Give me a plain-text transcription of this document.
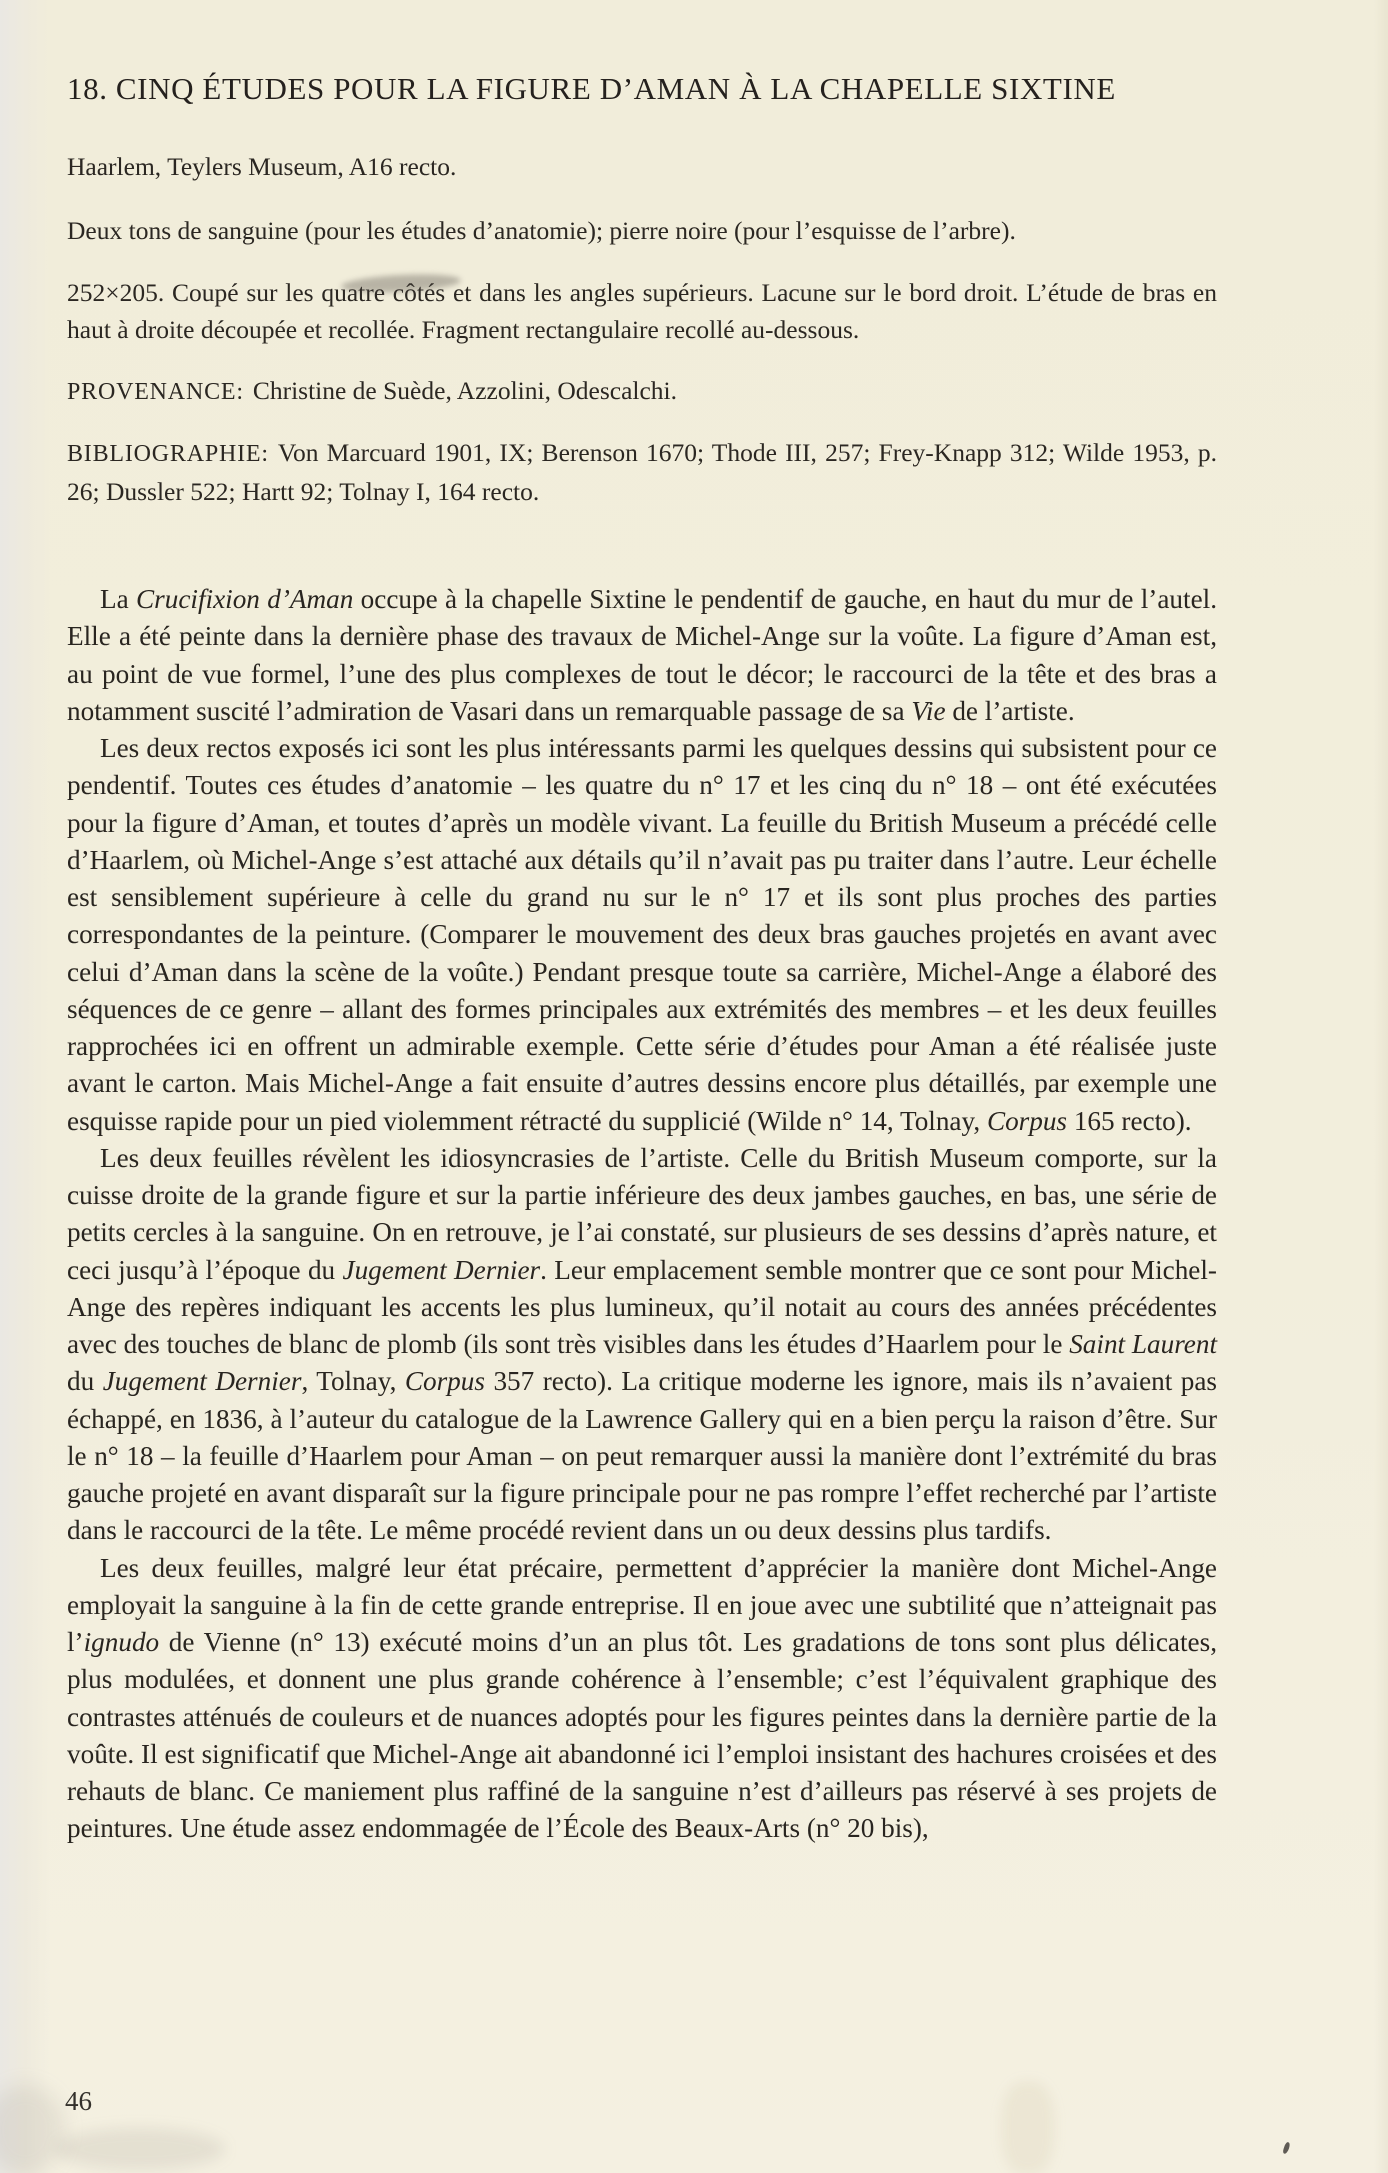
18. CINQ ÉTUDES POUR LA FIGURE D’AMAN À LA CHAPELLE SIXTINE

Haarlem, Teylers Museum, A16 recto.

Deux tons de sanguine (pour les études d’anatomie); pierre noire (pour l’esquisse de l’arbre).

252×205. Coupé sur les quatre côtés et dans les angles supérieurs. Lacune sur le bord droit. L’étude de bras en haut à droite découpée et recollée. Fragment rectangulaire recollé au-dessous.

PROVENANCE: Christine de Suède, Azzolini, Odescalchi.

BIBLIOGRAPHIE: Von Marcuard 1901, IX; Berenson 1670; Thode III, 257; Frey-Knapp 312; Wilde 1953, p. 26; Dussler 522; Hartt 92; Tolnay I, 164 recto.

La Crucifixion d’Aman occupe à la chapelle Sixtine le pendentif de gauche, en haut du mur de l’autel. Elle a été peinte dans la dernière phase des travaux de Michel-Ange sur la voûte. La figure d’Aman est, au point de vue formel, l’une des plus complexes de tout le décor; le raccourci de la tête et des bras a notamment suscité l’admiration de Vasari dans un remarquable passage de sa Vie de l’artiste.

Les deux rectos exposés ici sont les plus intéressants parmi les quelques dessins qui subsistent pour ce pendentif. Toutes ces études d’anatomie – les quatre du n° 17 et les cinq du n° 18 – ont été exécutées pour la figure d’Aman, et toutes d’après un modèle vivant. La feuille du British Museum a précédé celle d’Haarlem, où Michel-Ange s’est attaché aux détails qu’il n’avait pas pu traiter dans l’autre. Leur échelle est sensiblement supérieure à celle du grand nu sur le n° 17 et ils sont plus proches des parties correspondantes de la peinture. (Comparer le mouvement des deux bras gauches projetés en avant avec celui d’Aman dans la scène de la voûte.) Pendant presque toute sa carrière, Michel-Ange a élaboré des séquences de ce genre – allant des formes principales aux extrémités des membres – et les deux feuilles rapprochées ici en offrent un admirable exemple. Cette série d’études pour Aman a été réalisée juste avant le carton. Mais Michel-Ange a fait ensuite d’autres dessins encore plus détaillés, par exemple une esquisse rapide pour un pied violemment rétracté du supplicié (Wilde n° 14, Tolnay, Corpus 165 recto).

Les deux feuilles révèlent les idiosyncrasies de l’artiste. Celle du British Museum comporte, sur la cuisse droite de la grande figure et sur la partie inférieure des deux jambes gauches, en bas, une série de petits cercles à la sanguine. On en retrouve, je l’ai constaté, sur plusieurs de ses dessins d’après nature, et ceci jusqu’à l’époque du Jugement Dernier. Leur emplacement semble montrer que ce sont pour Michel-Ange des repères indiquant les accents les plus lumineux, qu’il notait au cours des années précédentes avec des touches de blanc de plomb (ils sont très visibles dans les études d’Haarlem pour le Saint Laurent du Jugement Dernier, Tolnay, Corpus 357 recto). La critique moderne les ignore, mais ils n’avaient pas échappé, en 1836, à l’auteur du catalogue de la Lawrence Gallery qui en a bien perçu la raison d’être. Sur le n° 18 – la feuille d’Haarlem pour Aman – on peut remarquer aussi la manière dont l’extrémité du bras gauche projeté en avant disparaît sur la figure principale pour ne pas rompre l’effet recherché par l’artiste dans le raccourci de la tête. Le même procédé revient dans un ou deux dessins plus tardifs.

Les deux feuilles, malgré leur état précaire, permettent d’apprécier la manière dont Michel-Ange employait la sanguine à la fin de cette grande entreprise. Il en joue avec une subtilité que n’atteignait pas l’ignudo de Vienne (n° 13) exécuté moins d’un an plus tôt. Les gradations de tons sont plus délicates, plus modulées, et donnent une plus grande cohérence à l’ensemble; c’est l’équivalent graphique des contrastes atténués de couleurs et de nuances adoptés pour les figures peintes dans la dernière partie de la voûte. Il est significatif que Michel-Ange ait abandonné ici l’emploi insistant des hachures croisées et des rehauts de blanc. Ce maniement plus raffiné de la sanguine n’est d’ailleurs pas réservé à ses projets de peintures. Une étude assez endommagée de l’École des Beaux-Arts (n° 20 bis),

46
